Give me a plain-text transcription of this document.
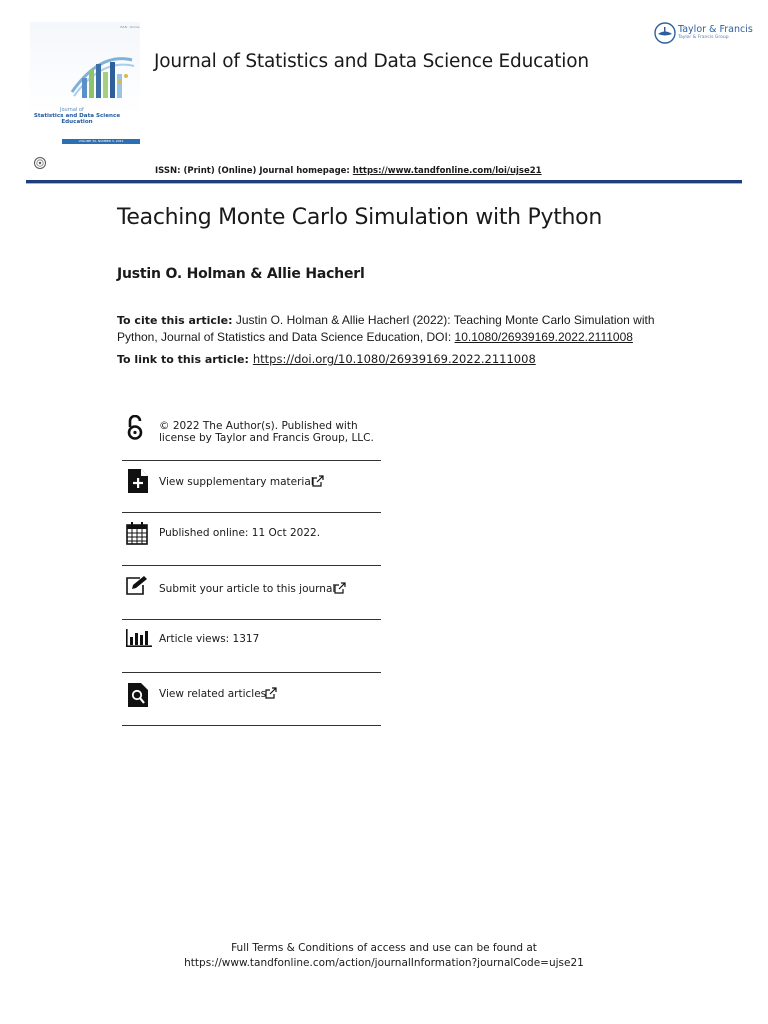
ISSN · Online
Journal of
Statistics and Data Science Education
VOLUME 30, NUMBER 3, 2022
Journal of Statistics and Data Science Education
Taylor & Francis
Taylor & Francis Group
ISSN: (Print) (Online) Journal homepage: https://www.tandfonline.com/loi/ujse21
Teaching Monte Carlo Simulation with Python
Justin O. Holman & Allie Hacherl
To cite this article: Justin O. Holman & Allie Hacherl (2022): Teaching Monte Carlo Simulation with
Python, Journal of Statistics and Data Science Education, DOI: 10.1080/26939169.2022.2111008
To link to this article: https://doi.org/10.1080/26939169.2022.2111008
© 2022 The Author(s). Published with
license by Taylor and Francis Group, LLC.
View supplementary material
Published online: 11 Oct 2022.
Submit your article to this journal
Article views: 1317
View related articles
Full Terms & Conditions of access and use can be found at
https://www.tandfonline.com/action/journalInformation?journalCode=ujse21
